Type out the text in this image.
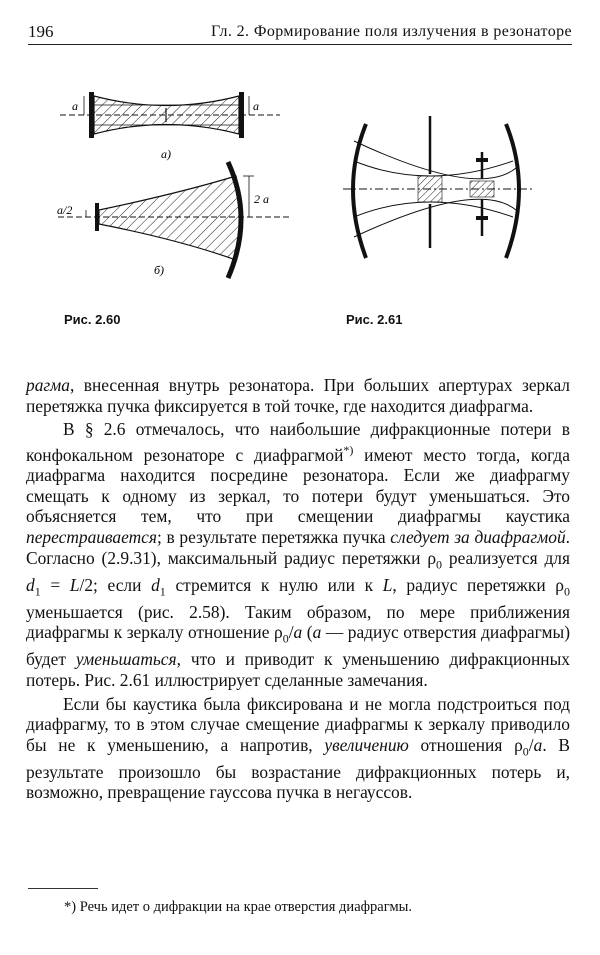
196	Гл. 2. Формирование поля излучения в резонаторе
a	a
а)
2 a
a/2
б)
Рис. 2.60	Рис. 2.61

рагма, внесенная внутрь резонатора. При больших апертурах зеркал перетяжка пучка фиксируется в той точке, где находится диафрагма.

В § 2.6 отмечалось, что наибольшие дифракционные потери в конфокальном резонаторе с диафрагмой*) имеют место тогда, когда диафрагма находится посредине резонатора. Если же диафрагму смещать к одному из зеркал, то потери будут уменьшаться. Это объясняется тем, что при смещении диафрагмы каустика перестраивается; в результате перетяжка пучка следует за диафрагмой. Согласно (2.9.31), максимальный радиус перетяжки $\rho_0$ реализуется для $d_1 = L/2$; если $d_1$ стремится к нулю или к L, радиус перетяжки $\rho_0$ уменьшается (рис. 2.58). Таким образом, по мере приближения диафрагмы к зеркалу отношение $\rho_0/a$ (a — радиус отверстия диафрагмы) будет уменьшаться, что и приводит к уменьшению дифракционных потерь. Рис. 2.61 иллюстрирует сделанные замечания.

Если бы каустика была фиксирована и не могла подстроиться под диафрагму, то в этом случае смещение диафрагмы к зеркалу приводило бы не к уменьшению, а напротив, увеличению отношения $\rho_0/a$. В результате произошло бы возрастание дифракционных потерь и, возможно, превращение гауссова пучка в негауссов.

*) Речь идет о дифракции на крае отверстия диафрагмы.
